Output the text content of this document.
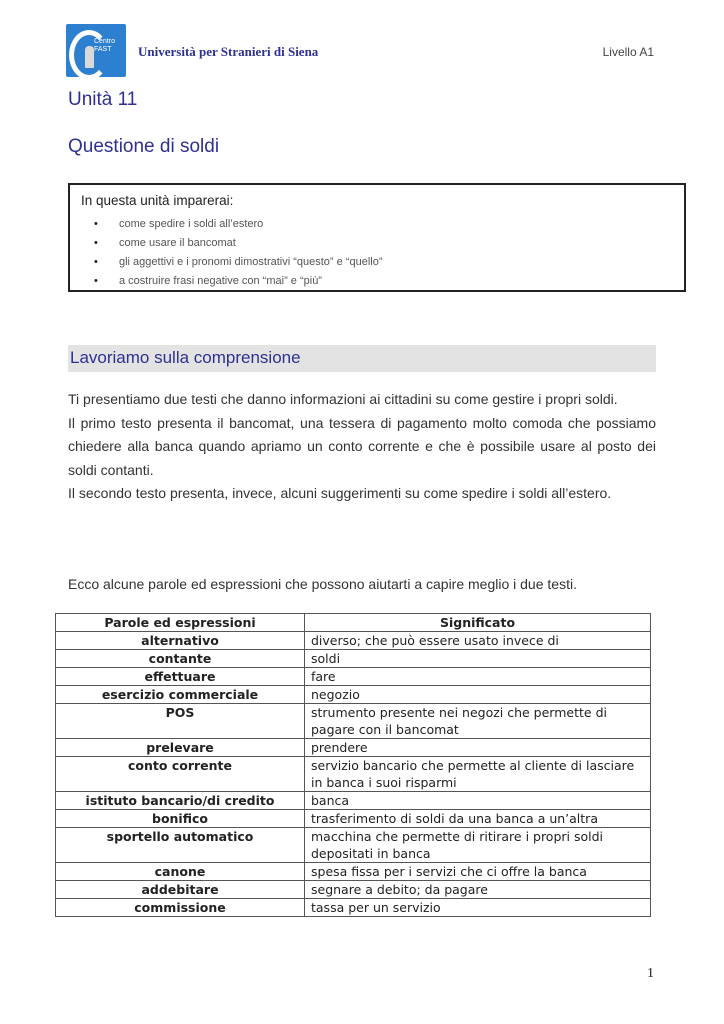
Centro FAST	Università per Stranieri di Siena	Livello A1
Unità 11
Questione di soldi
In questa unità imparerai:
• come spedire i soldi all’estero
• come usare il bancomat
• gli aggettivi e i pronomi dimostrativi “questo” e “quello”
• a costruire frasi negative con “mai” e “più”
Lavoriamo sulla comprensione
Ti presentiamo due testi che danno informazioni ai cittadini su come gestire i propri soldi.
Il primo testo presenta il bancomat, una tessera di pagamento molto comoda che possiamo chiedere alla banca quando apriamo un conto corrente e che è possibile usare al posto dei soldi contanti.
Il secondo testo presenta, invece, alcuni suggerimenti su come spedire i soldi all’estero.
Ecco alcune parole ed espressioni che possono aiutarti a capire meglio i due testi.
Parole ed espressioni	Significato
alternativo	diverso; che può essere usato invece di
contante	soldi
effettuare	fare
esercizio commerciale	negozio
POS	strumento presente nei negozi che permette di pagare con il bancomat
prelevare	prendere
conto corrente	servizio bancario che permette al cliente di lasciare in banca i suoi risparmi
istituto bancario/di credito	banca
bonifico	trasferimento di soldi da una banca a un’altra
sportello automatico	macchina che permette di ritirare i propri soldi depositati in banca
canone	spesa fissa per i servizi che ci offre la banca
addebitare	segnare a debito; da pagare
commissione	tassa per un servizio
1
